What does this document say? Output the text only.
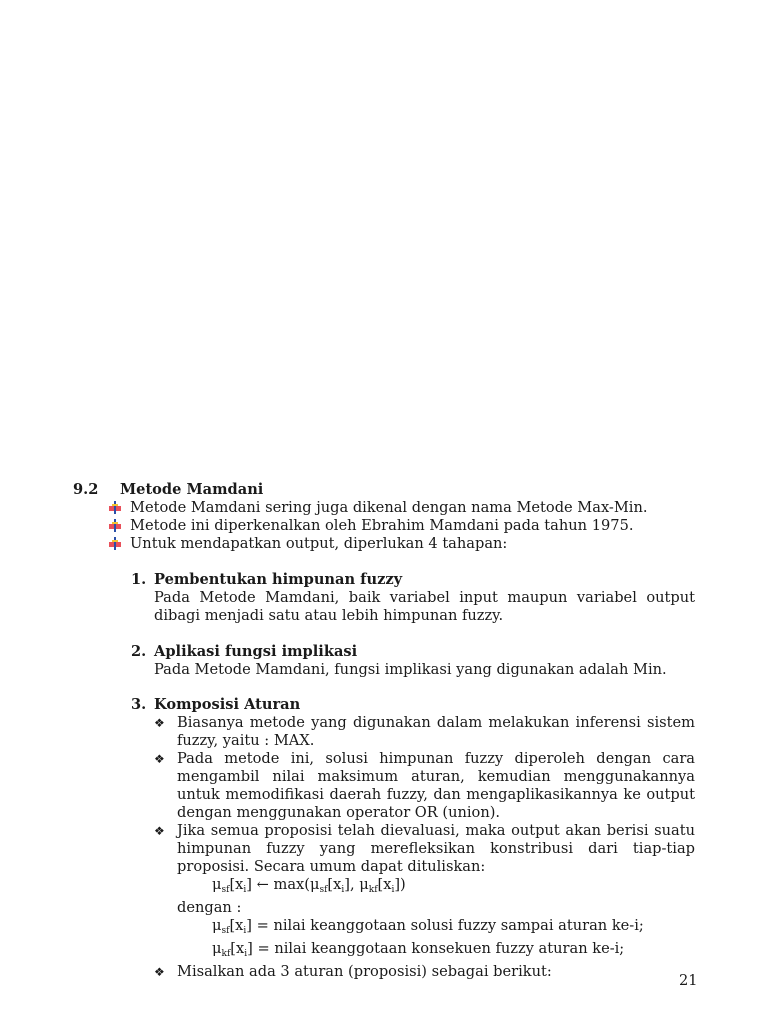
9.2 Metode Mamdani
Metode Mamdani sering juga dikenal dengan nama Metode Max-Min.
Metode ini diperkenalkan oleh Ebrahim Mamdani pada tahun 1975.
Untuk mendapatkan output, diperlukan 4 tahapan:
1. Pembentukan himpunan fuzzy
Pada Metode Mamdani, baik variabel input maupun variabel output dibagi menjadi satu atau lebih himpunan fuzzy.
2. Aplikasi fungsi implikasi
Pada Metode Mamdani, fungsi implikasi yang digunakan adalah Min.
3. Komposisi Aturan
❖ Biasanya metode yang digunakan dalam melakukan inferensi sistem fuzzy, yaitu : MAX.
❖ Pada metode ini, solusi himpunan fuzzy diperoleh dengan cara mengambil nilai maksimum aturan, kemudian menggunakannya untuk memodifikasi daerah fuzzy, dan mengaplikasikannya ke output dengan menggunakan operator OR (union).
❖ Jika semua proposisi telah dievaluasi, maka output akan berisi suatu himpunan fuzzy yang merefleksikan konstribusi dari tiap-tiap proposisi. Secara umum dapat dituliskan:
$\mu_{sf}[x_i]$ ← $\max(\mu_{sf}[x_i]$, $\mu_{kf}[x_i]$)
dengan :
$\mu_{sf}[x_i]$ = nilai keanggotaan solusi fuzzy sampai aturan ke-i;
$\mu_{kf}[x_i]$ = nilai keanggotaan konsekuen fuzzy aturan ke-i;
❖ Misalkan ada 3 aturan (proposisi) sebagai berikut:
21
